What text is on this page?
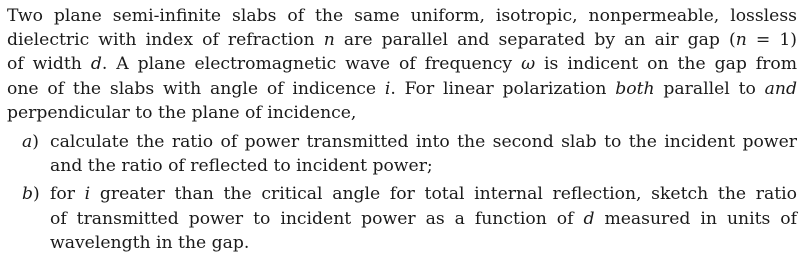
Two plane semi-infinite slabs of the same uniform, isotropic, nonpermeable, lossless
dielectric with index of refraction n are parallel and separated by an air gap (n = 1)
of width d. A plane electromagnetic wave of frequency ω is indicent on the gap from
one of the slabs with angle of indicence i. For linear polarization both parallel to and
perpendicular to the plane of incidence,

a) calculate the ratio of power transmitted into the second slab to the incident power
and the ratio of reflected to incident power;
b) for i greater than the critical angle for total internal reflection, sketch the ratio
of transmitted power to incident power as a function of d measured in units of
wavelength in the gap.
